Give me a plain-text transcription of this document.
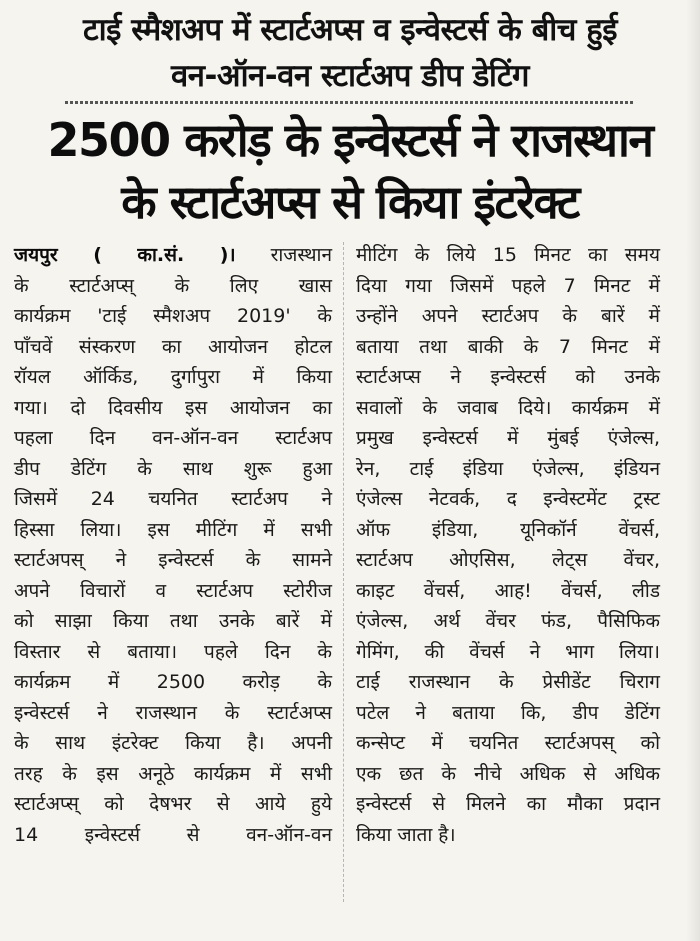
टाई स्मैशअप में स्टार्टअप्स व इन्वेस्टर्स के बीच हुई
वन-ऑन-वन स्टार्टअप डीप डेटिंग
2500 करोड़ के इन्वेस्टर्स ने राजस्थान
के स्टार्टअप्स से किया इंटरेक्ट
जयपुर ( का.सं. )। राजस्थान
के स्टार्टअप्स् के लिए खास
कार्यक्रम 'टाई स्मैशअप 2019' के
पाँचवें संस्करण का आयोजन होटल
रॉयल ऑर्किड, दुर्गापुरा में किया
गया। दो दिवसीय इस आयोजन का
पहला दिन वन-ऑन-वन स्टार्टअप
डीप डेटिंग के साथ शुरू हुआ
जिसमें 24 चयनित स्टार्टअप ने
हिस्सा लिया। इस मीटिंग में सभी
स्टार्टअपस् ने इन्वेस्टर्स के सामने
अपने विचारों व स्टार्टअप स्टोरीज
को साझा किया तथा उनके बारें में
विस्तार से बताया। पहले दिन के
कार्यक्रम में 2500 करोड़ के
इन्वेस्टर्स ने राजस्थान के स्टार्टअप्स
के साथ इंटरेक्ट किया है। अपनी
तरह के इस अनूठे कार्यक्रम में सभी
स्टार्टअप्स् को देषभर से आये हुये
14 इन्वेस्टर्स से वन-ऑन-वन
मीटिंग के लिये 15 मिनट का समय
दिया गया जिसमें पहले 7 मिनट में
उन्होंने अपने स्टार्टअप के बारें में
बताया तथा बाकी के 7 मिनट में
स्टार्टअप्स ने इन्वेस्टर्स को उनके
सवालों के जवाब दिये। कार्यक्रम में
प्रमुख इन्वेस्टर्स में मुंबई एंजेल्स,
रेन, टाई इंडिया एंजेल्स, इंडियन
एंजेल्स नेटवर्क, द इन्वेस्टमेंट ट्रस्ट
ऑफ इंडिया, यूनिकॉर्न वेंचर्स,
स्टार्टअप ओएसिस, लेट्स वेंचर,
काइट वेंचर्स, आह! वेंचर्स, लीड
एंजेल्स, अर्थ वेंचर फंड, पैसिफिक
गेमिंग, की वेंचर्स ने भाग लिया।
टाई राजस्थान के प्रेसीडेंट चिराग
पटेल ने बताया कि, डीप डेटिंग
कन्सेप्ट में चयनित स्टार्टअपस् को
एक छत के नीचे अधिक से अधिक
इन्वेस्टर्स से मिलने का मौका प्रदान
किया जाता है।
